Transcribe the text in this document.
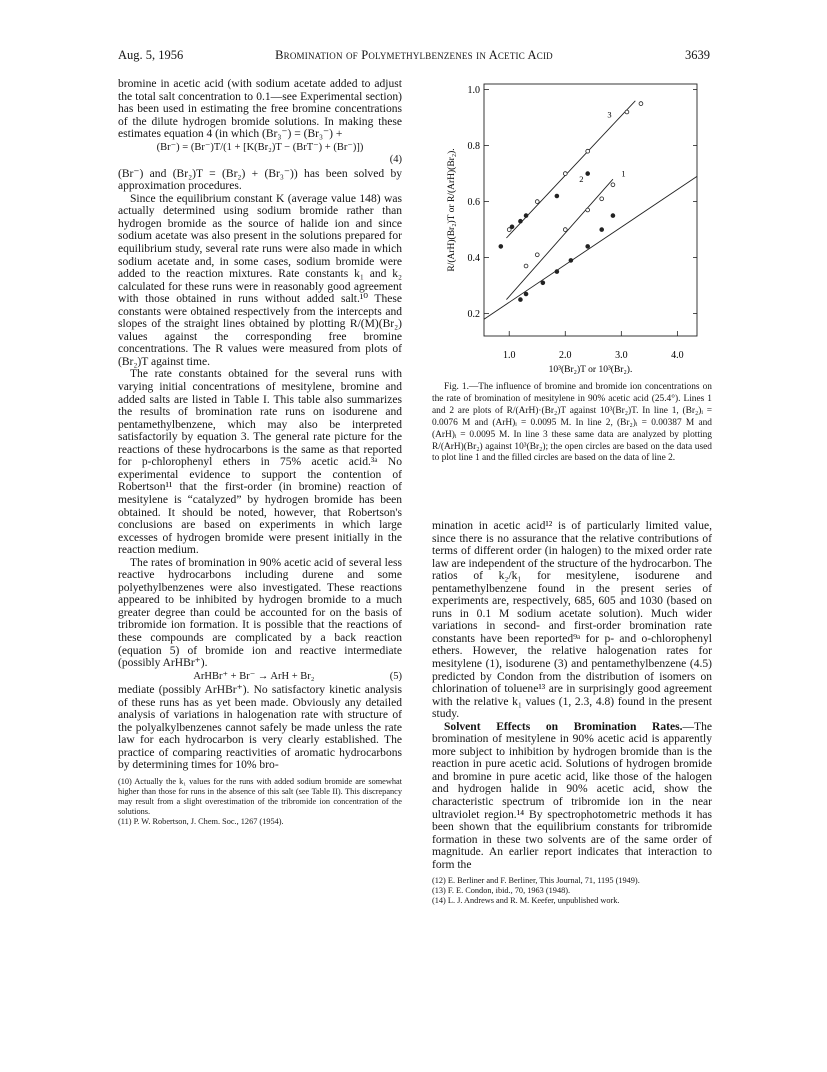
Aug. 5, 1956	Bromination of Polymethylbenzenes in Acetic Acid	3639

bromine in acetic acid (with sodium acetate added to adjust the total salt concentration to 0.1—see Experimental section) has been used in estimating the free bromine concentrations of the dilute hydrogen bromide solutions. In making these estimates equation 4 (in which (Br₃⁻) = (Br₃⁻) +

(Br⁻) = (Br⁻)T/(1 + [K(Br₂)T − (BrT⁻) + (Br⁻)])
(4)

(Br⁻) and (Br₂)T = (Br₂) + (Br₃⁻)) has been solved by approximation procedures.

Since the equilibrium constant K (average value 148) was actually determined using sodium bromide rather than hydrogen bromide as the source of halide ion and since sodium acetate was also present in the solutions prepared for equilibrium study, several rate runs were also made in which sodium acetate and, in some cases, sodium bromide were added to the reaction mixtures. Rate constants k₁ and k₂ calculated for these runs were in reasonably good agreement with those obtained in runs without added salt.¹⁰ These constants were obtained respectively from the intercepts and slopes of the straight lines obtained by plotting R/(M)(Br₂) values against the corresponding free bromine concentrations. The R values were measured from plots of (Br₂)T against time.

The rate constants obtained for the several runs with varying initial concentrations of mesitylene, bromine and added salts are listed in Table I. This table also summarizes the results of bromination rate runs on isodurene and pentamethylbenzene, which may also be interpreted satisfactorily by equation 3. The general rate picture for the reactions of these hydrocarbons is the same as that reported for p-chlorophenyl ethers in 75% acetic acid.³ᵃ No experimental evidence to support the contention of Robertson¹¹ that the first-order (in bromine) reaction of mesitylene is “catalyzed” by hydrogen bromide has been obtained. It should be noted, however, that Robertson's conclusions are based on experiments in which large excesses of hydrogen bromide were present initially in the reaction medium.

The rates of bromination in 90% acetic acid of several less reactive hydrocarbons including durene and some polyethylbenzenes were also investigated. These reactions appeared to be inhibited by hydrogen bromide to a much greater degree than could be accounted for on the basis of tribromide ion formation. It is possible that the reactions of these compounds are complicated by a back reaction (equation 5) of bromide ion and reactive intermediate (possibly ArHBr⁺).

ArHBr⁺ + Br⁻ → ArH + Br₂	(5)

mediate (possibly ArHBr⁺). No satisfactory kinetic analysis of these runs has as yet been made. Obviously any detailed analysis of variations in halogenation rate with structure of the polyalkylbenzenes cannot safely be made unless the rate law for each hydrocarbon is very clearly established. The practice of comparing reactivities of aromatic hydrocarbons by determining times for 10% bro-

(10) Actually the k₁ values for the runs with added sodium bromide are somewhat higher than those for runs in the absence of this salt (see Table II). This discrepancy may result from a slight overestimation of the tribromide ion concentration of the solutions.
(11) P. W. Robertson, J. Chem. Soc., 1267 (1954).
0.2
0.4
0.6
0.8
1.0
1.0	2.0	3.0	4.0
10³(Br₂)T or 10³(Br₂).
R/(ArH)(Br₂)T or R/(ArH)(Br₂).	1
2
3

Fig. 1.—The influence of bromine and bromide ion concentrations on the rate of bromination of mesitylene in 90% acetic acid (25.4°). Lines 1 and 2 are plots of R/(ArH)·(Br₂)T against 10³(Br₂)T. In line 1, (Br₂)ᵢ = 0.0076 M and (ArH)ᵢ = 0.0095 M. In line 2, (Br₂)ᵢ = 0.00387 M and (ArH)ᵢ = 0.0095 M. In line 3 these same data are analyzed by plotting R/(ArH)(Br₂) against 10³(Br₂); the open circles are based on the data used to plot line 1 and the filled circles are based on the data of line 2.

mination in acetic acid¹² is of particularly limited value, since there is no assurance that the relative contributions of terms of different order (in halogen) to the mixed order rate law are independent of the structure of the hydrocarbon. The ratios of k₂/k₁ for mesitylene, isodurene and pentamethylbenzene found in the present series of experiments are, respectively, 685, 605 and 1030 (based on runs in 0.1 M sodium acetate solution). Much wider variations in second- and first-order bromination rate constants have been reported⁹ᵃ for p- and o-chlorophenyl ethers. However, the relative halogenation rates for mesitylene (1), isodurene (3) and pentamethylbenzene (4.5) predicted by Condon from the distribution of isomers on chlorination of toluene¹³ are in surprisingly good agreement with the relative k₁ values (1, 2.3, 4.8) found in the present study.

Solvent Effects on Bromination Rates.—The bromination of mesitylene in 90% acetic acid is apparently more subject to inhibition by hydrogen bromide than is the reaction in pure acetic acid. Solutions of hydrogen bromide and bromine in pure acetic acid, like those of the halogen and hydrogen halide in 90% acetic acid, show the characteristic spectrum of tribromide ion in the near ultraviolet region.¹⁴ By spectrophotometric methods it has been shown that the equilibrium constants for tribromide formation in these two solvents are of the same order of magnitude. An earlier report indicates that interaction to form the

(12) E. Berliner and F. Berliner, This Journal, 71, 1195 (1949).
(13) F. E. Condon, ibid., 70, 1963 (1948).
(14) L. J. Andrews and R. M. Keefer, unpublished work.
